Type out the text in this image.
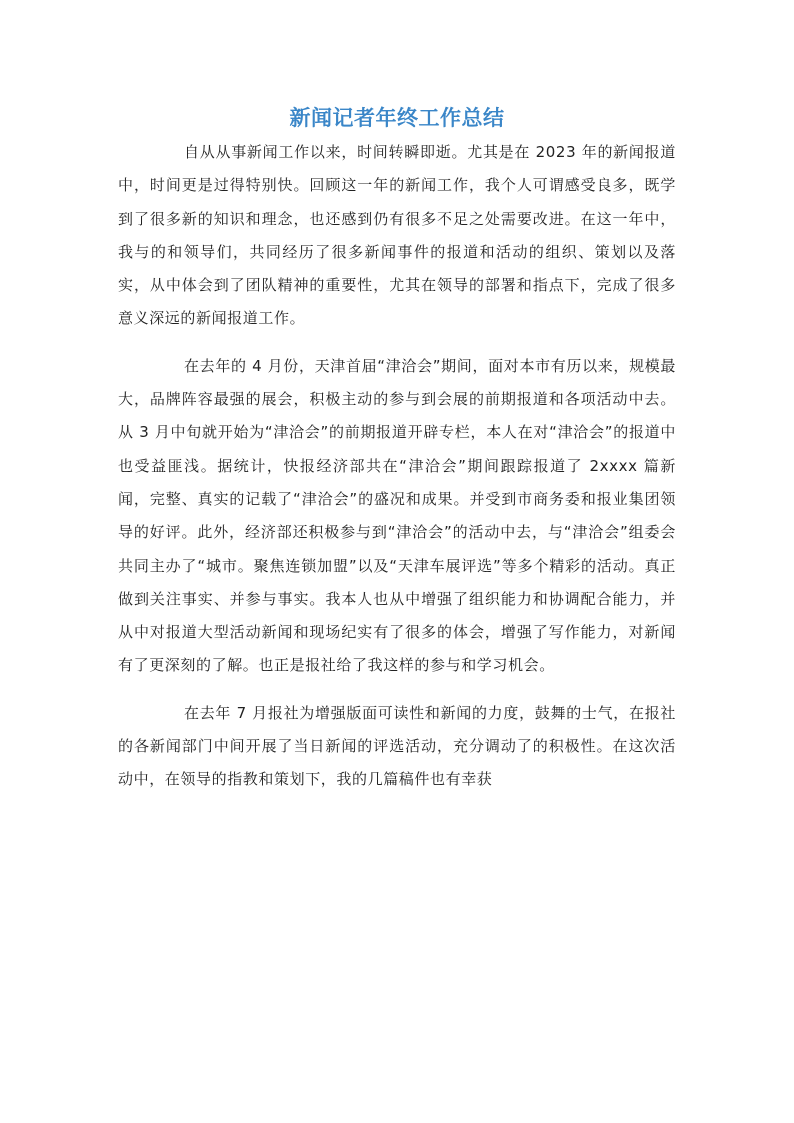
新闻记者年终工作总结

自从从事新闻工作以来，时间转瞬即逝。尤其是在 2023 年的新闻报道中，时间更是过得特别快。回顾这一年的新闻工作，我个人可谓感受良多，既学到了很多新的知识和理念，也还感到仍有很多不足之处需要改进。在这一年中，我与的和领导们，共同经历了很多新闻事件的报道和活动的组织、策划以及落实，从中体会到了团队精神的重要性，尤其在领导的部署和指点下，完成了很多意义深远的新闻报道工作。

在去年的 4 月份，天津首届“津洽会”期间，面对本市有历以来，规模最大，品牌阵容最强的展会，积极主动的参与到会展的前期报道和各项活动中去。从 3 月中旬就开始为“津洽会”的前期报道开辟专栏，本人在对“津洽会”的报道中也受益匪浅。据统计，快报经济部共在“津洽会”期间跟踪报道了 2xxxx 篇新闻，完整、真实的记载了“津洽会”的盛况和成果。并受到市商务委和报业集团领导的好评。此外，经济部还积极参与到“津洽会”的活动中去，与“津洽会”组委会共同主办了“城市。聚焦连锁加盟”以及“天津车展评选”等多个精彩的活动。真正做到关注事实、并参与事实。我本人也从中增强了组织能力和协调配合能力，并从中对报道大型活动新闻和现场纪实有了很多的体会，增强了写作能力，对新闻有了更深刻的了解。也正是报社给了我这样的参与和学习机会。

在去年 7 月报社为增强版面可读性和新闻的力度，鼓舞的士气，在报社的各新闻部门中间开展了当日新闻的评选活动，充分调动了的积极性。在这次活动中，在领导的指教和策划下，我的几篇稿件也有幸获
